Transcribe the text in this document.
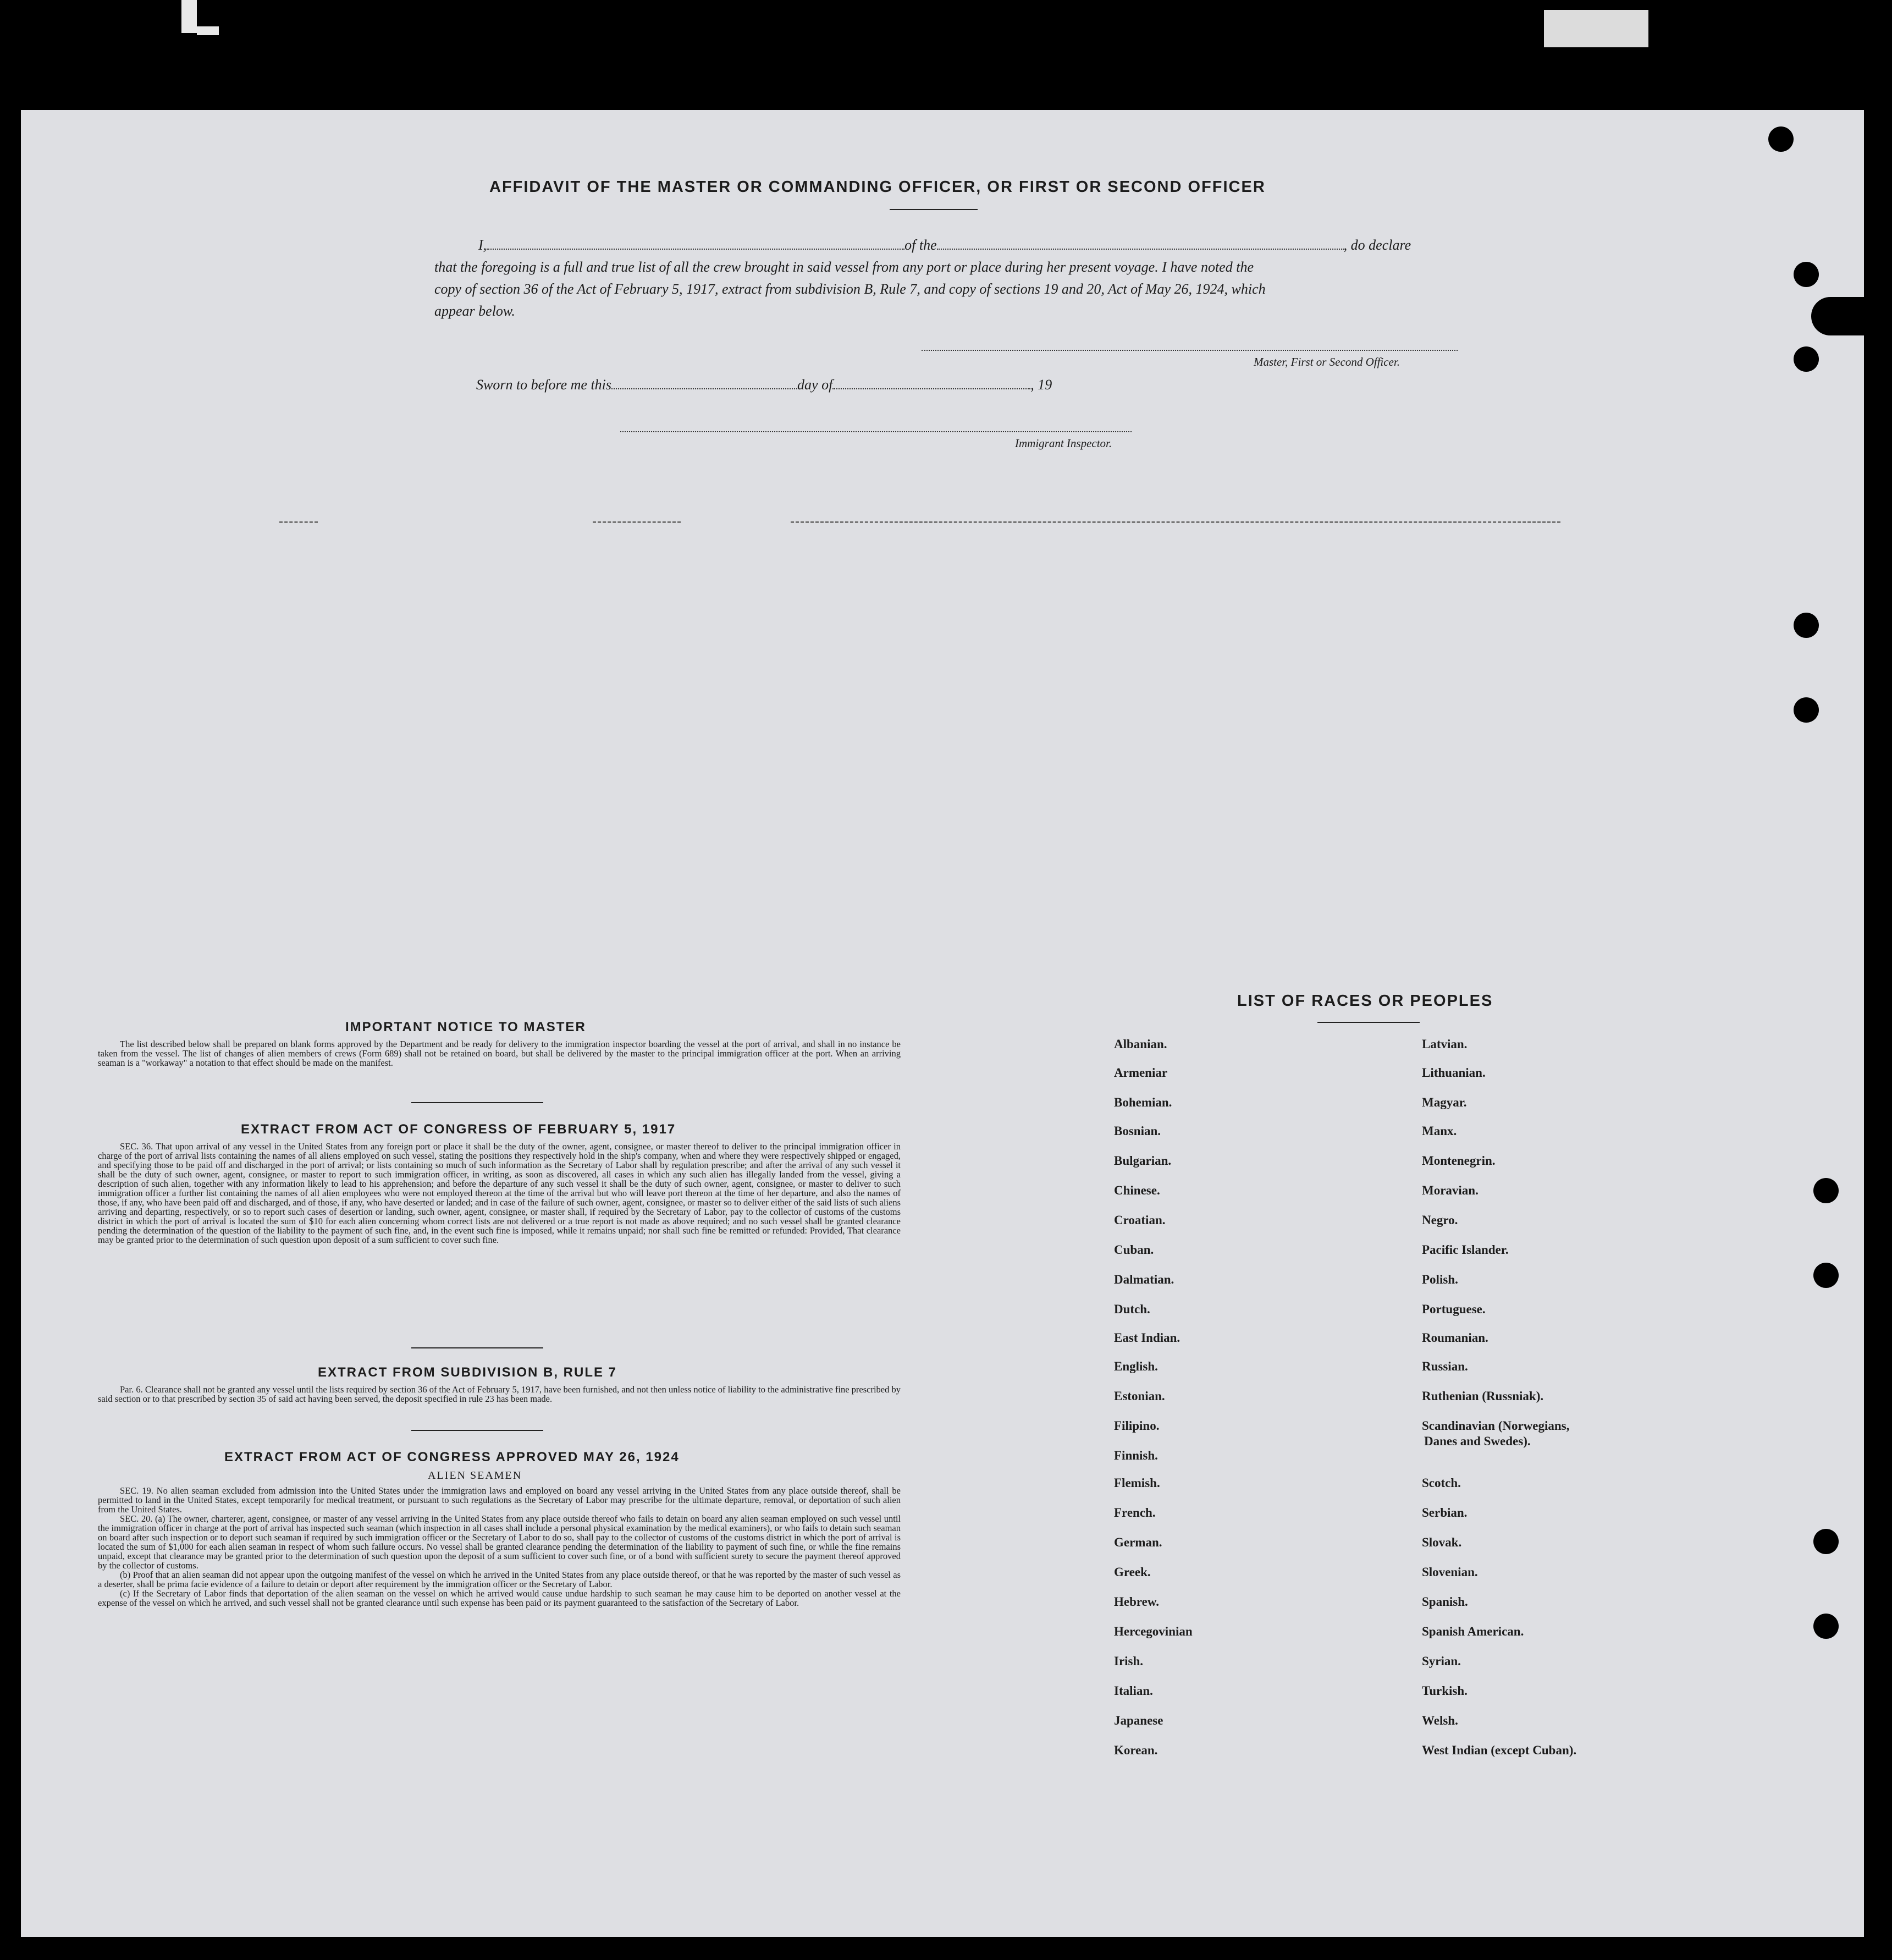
AFFIDAVIT OF THE MASTER OR COMMANDING OFFICER, OR FIRST OR SECOND OFFICER
I,	of the	, do declare
that the foregoing is a full and true list of all the crew brought in said vessel from any port or place during her present voyage. I have noted the
copy of section 36 of the Act of February 5, 1917, extract from subdivision B, Rule 7, and copy of sections 19 and 20, Act of May 26, 1924, which
appear below.
Master, First or Second Officer.
Sworn to before me this	day of	, 19
Immigrant Inspector.
IMPORTANT NOTICE TO MASTER

The list described below shall be prepared on blank forms approved by the Department and be ready for delivery to the immigration inspector boarding the vessel at the port of arrival, and shall in no instance be taken from the vessel. The list of changes of alien members of crews (Form 689) shall not be retained on board, but shall be delivered by the master to the principal immigration officer at the port. When an arriving seaman is a "workaway" a notation to that effect should be made on the manifest.

EXTRACT FROM ACT OF CONGRESS OF FEBRUARY 5, 1917

SEC. 36. That upon arrival of any vessel in the United States from any foreign port or place it shall be the duty of the owner, agent, consignee, or master thereof to deliver to the principal immigration officer in charge of the port of arrival lists containing the names of all aliens employed on such vessel, stating the positions they respectively hold in the ship's company, when and where they were respectively shipped or engaged, and specifying those to be paid off and discharged in the port of arrival; or lists containing so much of such information as the Secretary of Labor shall by regulation prescribe; and after the arrival of any such vessel it shall be the duty of such owner, agent, consignee, or master to report to such immigration officer, in writing, as soon as discovered, all cases in which any such alien has illegally landed from the vessel, giving a description of such alien, together with any information likely to lead to his apprehension; and before the departure of any such vessel it shall be the duty of such owner, agent, consignee, or master to deliver to such immigration officer a further list containing the names of all alien employees who were not employed thereon at the time of the arrival but who will leave port thereon at the time of her departure, and also the names of those, if any, who have been paid off and discharged, and of those, if any, who have deserted or landed; and in case of the failure of such owner, agent, consignee, or master so to deliver either of the said lists of such aliens arriving and departing, respectively, or so to report such cases of desertion or landing, such owner, agent, consignee, or master shall, if required by the Secretary of Labor, pay to the collector of customs of the customs district in which the port of arrival is located the sum of $10 for each alien concerning whom correct lists are not delivered or a true report is not made as above required; and no such vessel shall be granted clearance pending the determination of the question of the liability to the payment of such fine, and, in the event such fine is imposed, while it remains unpaid; nor shall such fine be remitted or refunded: Provided, That clearance may be granted prior to the determination of such question upon deposit of a sum sufficient to cover such fine.

EXTRACT FROM SUBDIVISION B, RULE 7

Par. 6. Clearance shall not be granted any vessel until the lists required by section 36 of the Act of February 5, 1917, have been furnished, and not then unless notice of liability to the administrative fine prescribed by said section or to that prescribed by section 35 of said act having been served, the deposit specified in rule 23 has been made.

EXTRACT FROM ACT OF CONGRESS APPROVED MAY 26, 1924
ALIEN SEAMEN

SEC. 19. No alien seaman excluded from admission into the United States under the immigration laws and employed on board any vessel arriving in the United States from any place outside thereof, shall be permitted to land in the United States, except temporarily for medical treatment, or pursuant to such regulations as the Secretary of Labor may prescribe for the ultimate departure, removal, or deportation of such alien from the United States.

SEC. 20. (a) The owner, charterer, agent, consignee, or master of any vessel arriving in the United States from any place outside thereof who fails to detain on board any alien seaman employed on such vessel until the immigration officer in charge at the port of arrival has inspected such seaman (which inspection in all cases shall include a personal physical examination by the medical examiners), or who fails to detain such seaman on board after such inspection or to deport such seaman if required by such immigration officer or the Secretary of Labor to do so, shall pay to the collector of customs of the customs district in which the port of arrival is located the sum of $1,000 for each alien seaman in respect of whom such failure occurs. No vessel shall be granted clearance pending the determination of the liability to payment of such fine, or while the fine remains unpaid, except that clearance may be granted prior to the determination of such question upon the deposit of a sum sufficient to cover such fine, or of a bond with sufficient surety to secure the payment thereof approved by the collector of customs.

(b) Proof that an alien seaman did not appear upon the outgoing manifest of the vessel on which he arrived in the United States from any place outside thereof, or that he was reported by the master of such vessel as a deserter, shall be prima facie evidence of a failure to detain or deport after requirement by the immigration officer or the Secretary of Labor.

(c) If the Secretary of Labor finds that deportation of the alien seaman on the vessel on which he arrived would cause undue hardship to such seaman he may cause him to be deported on another vessel at the expense of the vessel on which he arrived, and such vessel shall not be granted clearance until such expense has been paid or its payment guaranteed to the satisfaction of the Secretary of Labor.

LIST OF RACES OR PEOPLES
Albanian.
Armeniar
Bohemian.
Bosnian.
Bulgarian.
Chinese.
Croatian.
Cuban.
Dalmatian.
Dutch.
East Indian.
English.
Estonian.
Filipino.
Finnish.
Flemish.
French.
German.
Greek.
Hebrew.
Hercegovinian
Irish.
Italian.
Japanese
Korean.
Latvian.
Lithuanian.
Magyar.
Manx.
Montenegrin.
Moravian.
Negro.
Pacific Islander.
Polish.
Portuguese.
Roumanian.
Russian.
Ruthenian (Russniak).
Scandinavian (Norwegians,
Danes and Swedes).
Scotch.
Serbian.
Slovak.
Slovenian.
Spanish.
Spanish American.
Syrian.
Turkish.
Welsh.
West Indian (except Cuban).
